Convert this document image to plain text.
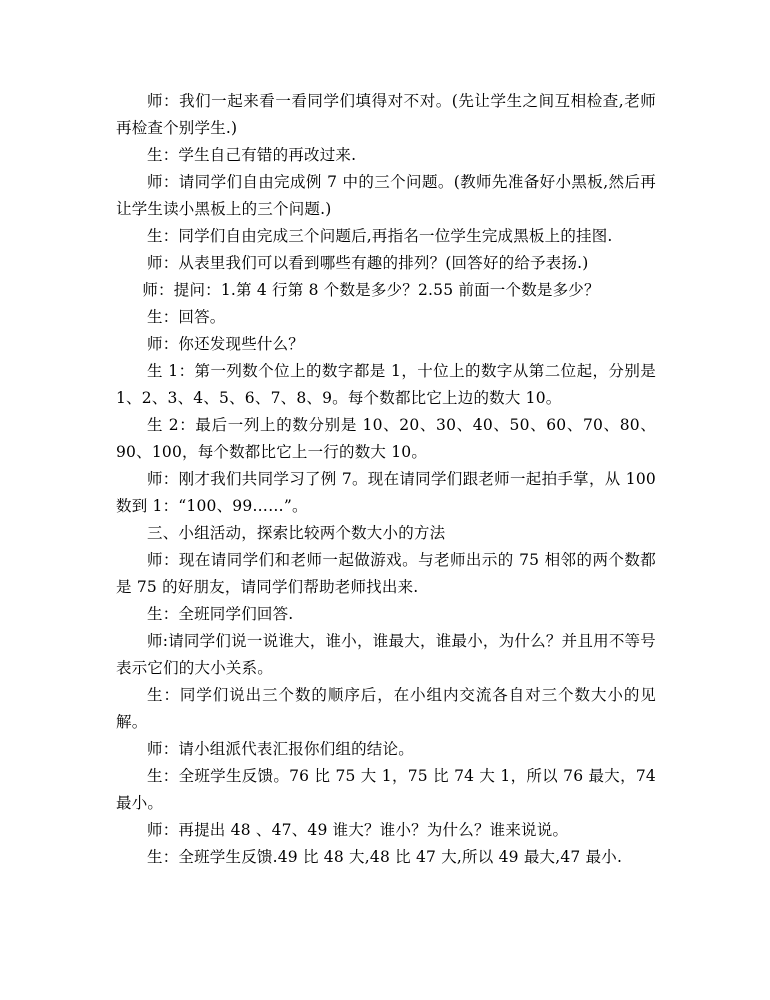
师：我们一起来看一看同学们填得对不对。(先让学生之间互相检查,老师再检查个别学生.)

生：学生自己有错的再改过来.

师：请同学们自由完成例 7 中的三个问题。(教师先准备好小黑板,然后再让学生读小黑板上的三个问题.)

生：同学们自由完成三个问题后,再指名一位学生完成黑板上的挂图.

师：从表里我们可以看到哪些有趣的排列？(回答好的给予表扬.)

师：提问：1.第 4 行第 8 个数是多少？2.55 前面一个数是多少？

生：回答。

师：你还发现些什么？

生 1：第一列数个位上的数字都是 1，十位上的数字从第二位起，分别是 1、2、3、4、5、6、7、8、9。每个数都比它上边的数大 10。

生 2：最后一列上的数分别是 10、20、30、40、50、60、70、80、90、100，每个数都比它上一行的数大 10。

师：刚才我们共同学习了例 7。现在请同学们跟老师一起拍手掌，从 100 数到 1：“100、99……”。

三、小组活动，探索比较两个数大小的方法

师：现在请同学们和老师一起做游戏。与老师出示的 75 相邻的两个数都是 75 的好朋友，请同学们帮助老师找出来.

生：全班同学们回答.

师:请同学们说一说谁大，谁小，谁最大，谁最小，为什么？并且用不等号表示它们的大小关系。

生：同学们说出三个数的顺序后，在小组内交流各自对三个数大小的见解。

师：请小组派代表汇报你们组的结论。

生：全班学生反馈。76 比 75 大 1，75 比 74 大 1，所以 76 最大，74 最小。

师：再提出 48 、47、49 谁大？谁小？为什么？谁来说说。

生：全班学生反馈.49 比 48 大,48 比 47 大,所以 49 最大,47 最小.
